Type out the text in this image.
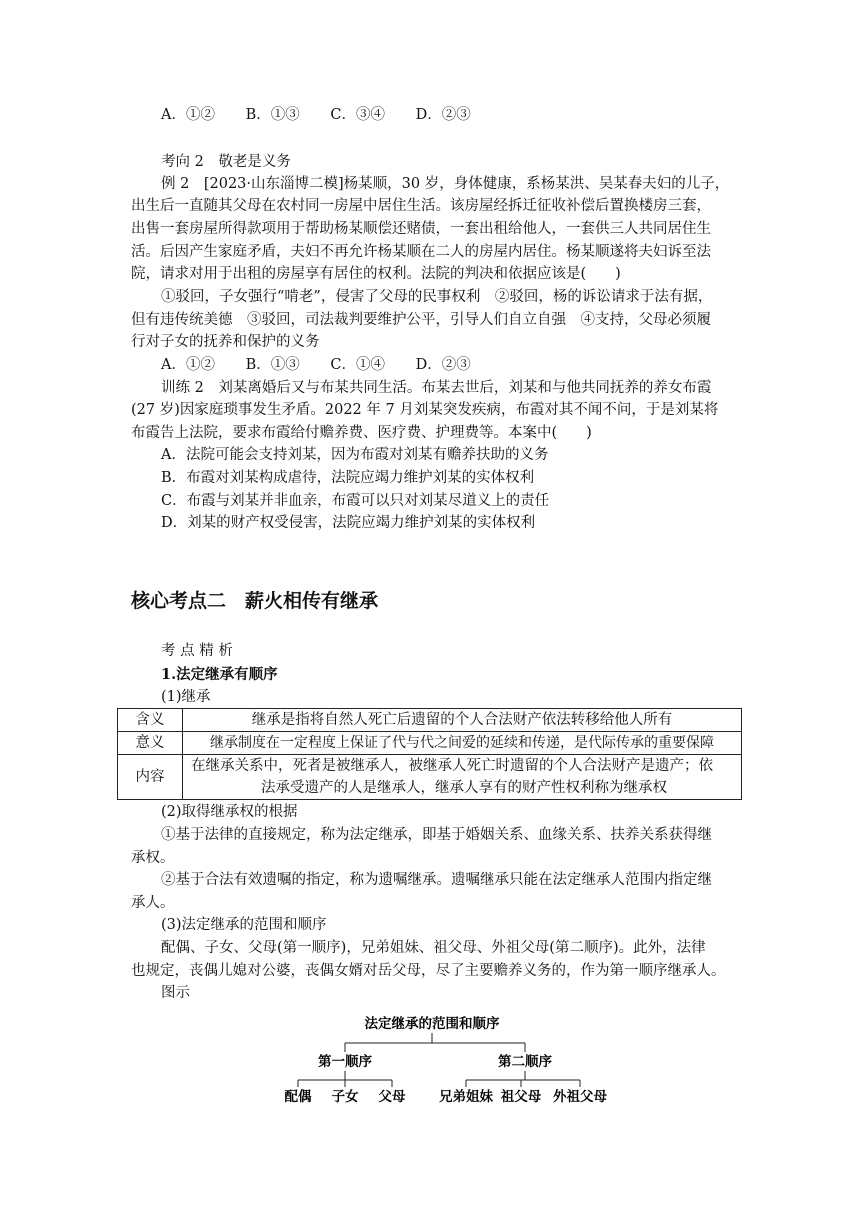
A．①② B．①③ C．③④ D．②③
考向 2　敬老是义务
例 2　[2023·山东淄博二模]杨某顺，30 岁，身体健康，系杨某洪、吴某春夫妇的儿子，
出生后一直随其父母在农村同一房屋中居住生活。该房屋经拆迁征收补偿后置换楼房三套，
出售一套房屋所得款项用于帮助杨某顺偿还赌债，一套出租给他人，一套供三人共同居住生
活。后因产生家庭矛盾，夫妇不再允许杨某顺在二人的房屋内居住。杨某顺遂将夫妇诉至法
院，请求对用于出租的房屋享有居住的权利。法院的判决和依据应该是(　　)
①驳回，子女强行“啃老”，侵害了父母的民事权利　②驳回，杨的诉讼请求于法有据，
但有违传统美德　③驳回，司法裁判要维护公平，引导人们自立自强　④支持，父母必须履
行对子女的抚养和保护的义务
A．①② B．①③ C．①④ D．②③
训练 2　刘某离婚后又与布某共同生活。布某去世后，刘某和与他共同抚养的养女布霞
(27 岁)因家庭琐事发生矛盾。2022 年 7 月刘某突发疾病，布霞对其不闻不问，于是刘某将
布霞告上法院，要求布霞给付赡养费、医疗费、护理费等。本案中(　　)
A．法院可能会支持刘某，因为布霞对刘某有赡养扶助的义务
B．布霞对刘某构成虐待，法院应竭力维护刘某的实体权利
C．布霞与刘某并非血亲，布霞可以只对刘某尽道义上的责任
D．刘某的财产权受侵害，法院应竭力维护刘某的实体权利
核心考点二　薪火相传有继承
考 点 精 析
1.法定继承有顺序
(1)继承
含义	继承是指将自然人死亡后遗留的个人合法财产依法转移给他人所有
意义	继承制度在一定程度上保证了代与代之间爱的延续和传递，是代际传承的重要保障
内容	在继承关系中，死者是被继承人，被继承人死亡时遗留的个人合法财产是遗产；依
法承受遗产的人是继承人，继承人享有的财产性权利称为继承权
(2)取得继承权的根据
①基于法律的直接规定，称为法定继承，即基于婚姻关系、血缘关系、扶养关系获得继
承权。
②基于合法有效遗嘱的指定，称为遗嘱继承。遗嘱继承只能在法定继承人范围内指定继
承人。
(3)法定继承的范围和顺序
配偶、子女、父母(第一顺序)，兄弟姐妹、祖父母、外祖父母(第二顺序)。此外，法律
也规定，丧偶儿媳对公婆，丧偶女婿对岳父母，尽了主要赡养义务的，作为第一顺序继承人。
图示
法定继承的范围和顺序
第一顺序	第二顺序
配偶 子女 父母 兄弟姐妹 祖父母 外祖父母
